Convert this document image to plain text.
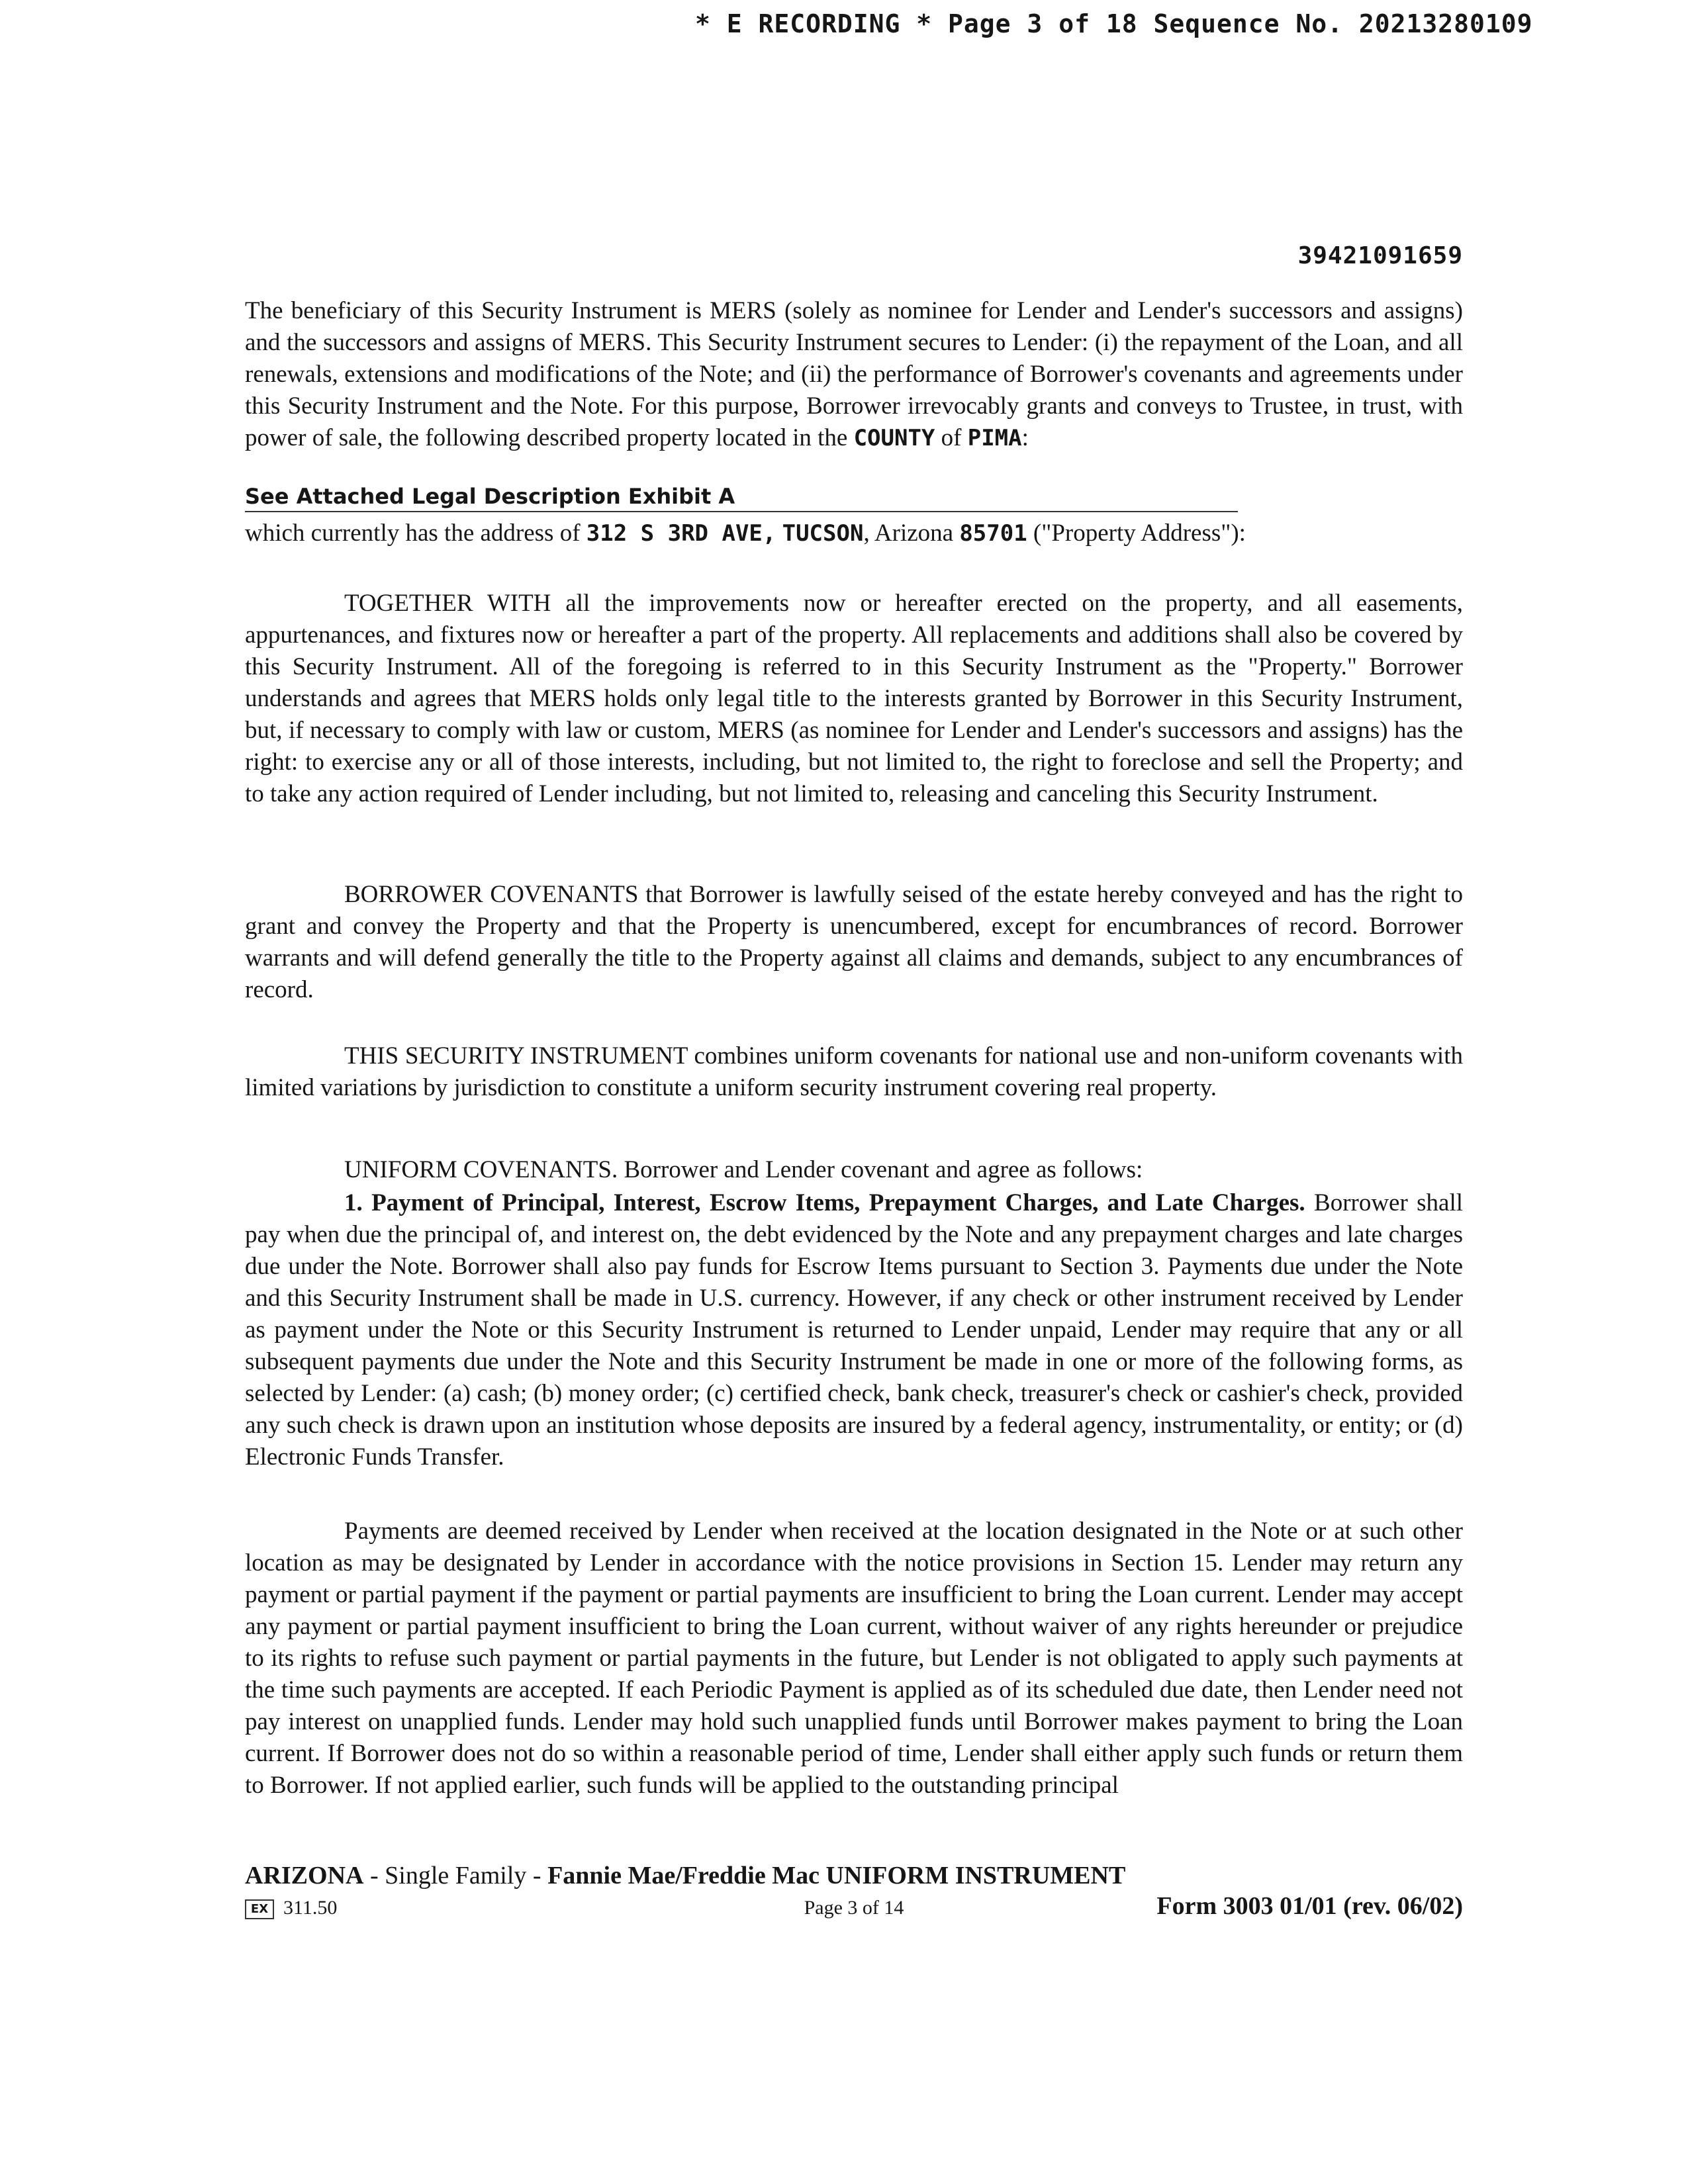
* E RECORDING * Page 3 of 18 Sequence No. 20213280109
39421091659

The beneficiary of this Security Instrument is MERS (solely as nominee for Lender and Lender's successors and assigns) and the successors and assigns of MERS. This Security Instrument secures to Lender: (i) the repayment of the Loan, and all renewals, extensions and modifications of the Note; and (ii) the performance of Borrower's covenants and agreements under this Security Instrument and the Note. For this purpose, Borrower irrevocably grants and conveys to Trustee, in trust, with power of sale, the following described property located in the COUNTY of PIMA:

See Attached Legal Description Exhibit A
which currently has the address of 312 S 3RD AVE, TUCSON, Arizona 85701 ("Property Address"):

TOGETHER WITH all the improvements now or hereafter erected on the property, and all easements, appurtenances, and fixtures now or hereafter a part of the property. All replacements and additions shall also be covered by this Security Instrument. All of the foregoing is referred to in this Security Instrument as the "Property." Borrower understands and agrees that MERS holds only legal title to the interests granted by Borrower in this Security Instrument, but, if necessary to comply with law or custom, MERS (as nominee for Lender and Lender's successors and assigns) has the right: to exercise any or all of those interests, including, but not limited to, the right to foreclose and sell the Property; and to take any action required of Lender including, but not limited to, releasing and canceling this Security Instrument.

BORROWER COVENANTS that Borrower is lawfully seised of the estate hereby conveyed and has the right to grant and convey the Property and that the Property is unencumbered, except for encumbrances of record. Borrower warrants and will defend generally the title to the Property against all claims and demands, subject to any encumbrances of record.

THIS SECURITY INSTRUMENT combines uniform covenants for national use and non-uniform covenants with limited variations by jurisdiction to constitute a uniform security instrument covering real property.

UNIFORM COVENANTS. Borrower and Lender covenant and agree as follows:

1. Payment of Principal, Interest, Escrow Items, Prepayment Charges, and Late Charges. Borrower shall pay when due the principal of, and interest on, the debt evidenced by the Note and any prepayment charges and late charges due under the Note. Borrower shall also pay funds for Escrow Items pursuant to Section 3. Payments due under the Note and this Security Instrument shall be made in U.S. currency. However, if any check or other instrument received by Lender as payment under the Note or this Security Instrument is returned to Lender unpaid, Lender may require that any or all subsequent payments due under the Note and this Security Instrument be made in one or more of the following forms, as selected by Lender: (a) cash; (b) money order; (c) certified check, bank check, treasurer's check or cashier's check, provided any such check is drawn upon an institution whose deposits are insured by a federal agency, instrumentality, or entity; or (d) Electronic Funds Transfer.

Payments are deemed received by Lender when received at the location designated in the Note or at such other location as may be designated by Lender in accordance with the notice provisions in Section 15. Lender may return any payment or partial payment if the payment or partial payments are insufficient to bring the Loan current. Lender may accept any payment or partial payment insufficient to bring the Loan current, without waiver of any rights hereunder or prejudice to its rights to refuse such payment or partial payments in the future, but Lender is not obligated to apply such payments at the time such payments are accepted. If each Periodic Payment is applied as of its scheduled due date, then Lender need not pay interest on unapplied funds. Lender may hold such unapplied funds until Borrower makes payment to bring the Loan current. If Borrower does not do so within a reasonable period of time, Lender shall either apply such funds or return them to Borrower. If not applied earlier, such funds will be applied to the outstanding principal

ARIZONA - Single Family - Fannie Mae/Freddie Mac UNIFORM INSTRUMENT
EX 311.50	Page 3 of 14	Form 3003 01/01 (rev. 06/02)
